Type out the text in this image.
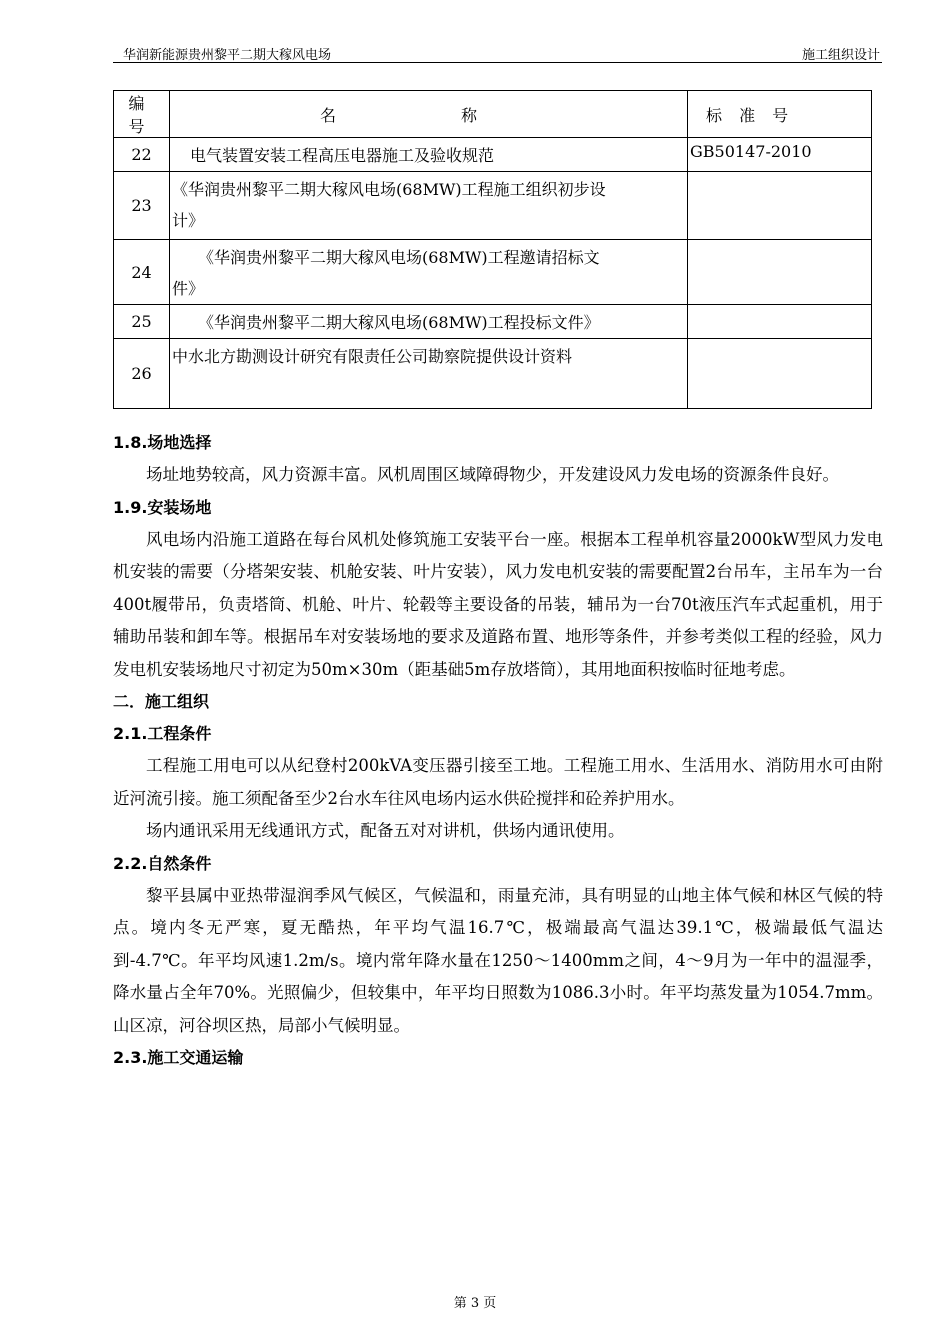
华润新能源贵州黎平二期大稼风电场	施工组织设计
编 号	名 称	标 准 号
22	电气装置安装工程高压电器施工及验收规范	GB50147-2010
23	《华润贵州黎平二期大稼风电场(68MW)工程施工组织初步设
计》	

24	《华润贵州黎平二期大稼风电场(68MW)工程邀请招标文
件》	

25	《华润贵州黎平二期大稼风电场(68MW)工程投标文件》	
26	中水北方勘测设计研究有限责任公司勘察院提供设计资料	
1.8.场地选择

场址地势较高，风力资源丰富。风机周围区域障碍物少，开发建设风力发电场的资源条件良好。

1.9.安装场地

风电场内沿施工道路在每台风机处修筑施工安装平台一座。根据本工程单机容量2000kW型风力发电机安装的需要（分塔架安装、机舱安装、叶片安装），风力发电机安装的需要配置2台吊车，主吊车为一台400t履带吊，负责塔筒、机舱、叶片、轮毂等主要设备的吊装，辅吊为一台70t液压汽车式起重机，用于辅助吊装和卸车等。根据吊车对安装场地的要求及道路布置、地形等条件，并参考类似工程的经验，风力发电机安装场地尺寸初定为50m×30m（距基础5m存放塔筒），其用地面积按临时征地考虑。

二．施工组织
2.1.工程条件

工程施工用电可以从纪登村200kVA变压器引接至工地。工程施工用水、生活用水、消防用水可由附近河流引接。施工须配备至少2台水车往风电场内运水供砼搅拌和砼养护用水。

场内通讯采用无线通讯方式，配备五对对讲机，供场内通讯使用。

2.2.自然条件

黎平县属中亚热带湿润季风气候区，气候温和，雨量充沛，具有明显的山地主体气候和林区气候的特点。境内冬无严寒，夏无酷热，年平均气温16.7℃，极端最高气温达39.1℃，极端最低气温达到-4.7℃。年平均风速1.2m/s。境内常年降水量在1250～1400mm之间，4～9月为一年中的温湿季，降水量占全年70%。光照偏少，但较集中，年平均日照数为1086.3小时。年平均蒸发量为1054.7mm。山区凉，河谷坝区热，局部小气候明显。

2.3.施工交通运输
第 3 页
